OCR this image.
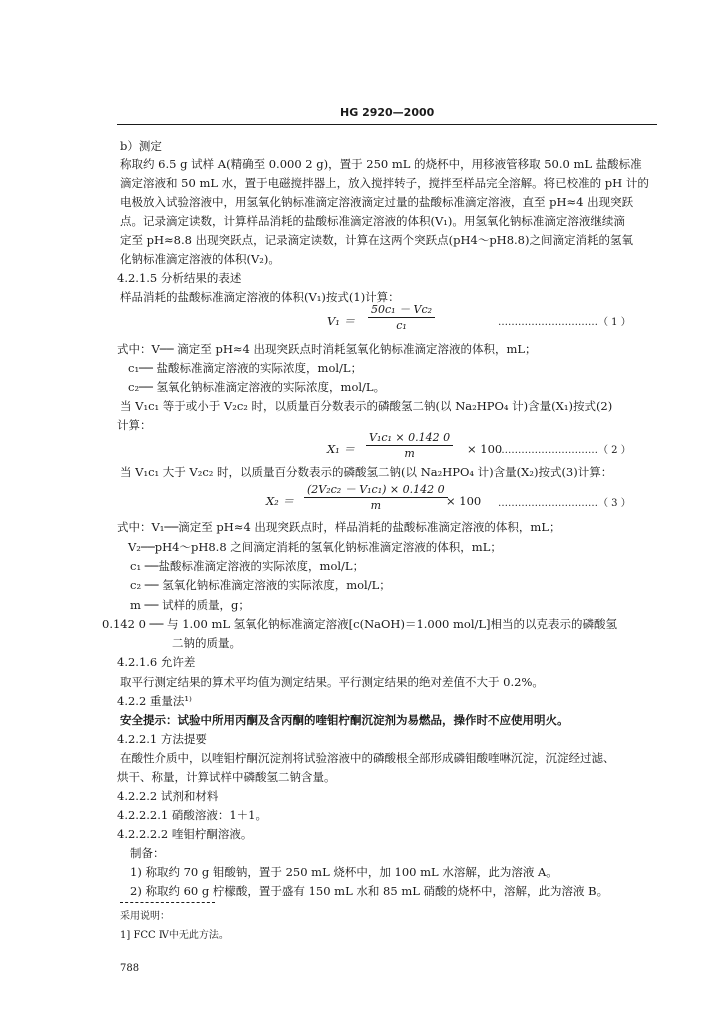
HG 2920—2000
b）测定
称取约 6.5 g 试样 A(精确至 0.000 2 g)，置于 250 mL 的烧杯中，用移液管移取 50.0 mL 盐酸标准
滴定溶液和 50 mL 水，置于电磁搅拌器上，放入搅拌转子，搅拌至样品完全溶解。将已校准的 pH 计的
电极放入试验溶液中，用氢氧化钠标准滴定溶液滴定过量的盐酸标准滴定溶液，直至 pH≈4 出现突跃
点。记录滴定读数，计算样品消耗的盐酸标准滴定溶液的体积(V₁)。用氢氧化钠标准滴定溶液继续滴
定至 pH≈8.8 出现突跃点，记录滴定读数，计算在这两个突跃点(pH4～pH8.8)之间滴定消耗的氢氧
化钠标准滴定溶液的体积(V₂)。
4.2.1.5 分析结果的表述
样品消耗的盐酸标准滴定溶液的体积(V₁)按式(1)计算：
式中：V── 滴定至 pH≈4 出现突跃点时消耗氢氧化钠标准滴定溶液的体积，mL；
c₁── 盐酸标准滴定溶液的实际浓度，mol/L；
c₂── 氢氧化钠标准滴定溶液的实际浓度，mol/L。
当 V₁c₁ 等于或小于 V₂c₂ 时，以质量百分数表示的磷酸氢二钠(以 Na₂HPO₄ 计)含量(X₁)按式(2)
计算：
当 V₁c₁ 大于 V₂c₂ 时，以质量百分数表示的磷酸氢二钠(以 Na₂HPO₄ 计)含量(X₂)按式(3)计算：
式中：V₁──滴定至 pH≈4 出现突跃点时，样品消耗的盐酸标准滴定溶液的体积，mL；
V₂──pH4～pH8.8 之间滴定消耗的氢氧化钠标准滴定溶液的体积，mL；
c₁ ──盐酸标准滴定溶液的实际浓度，mol/L；
c₂ ── 氢氧化钠标准滴定溶液的实际浓度，mol/L；
m ── 试样的质量，g；
0.142 0 ── 与 1.00 mL 氢氧化钠标准滴定溶液[c(NaOH)＝1.000 mol/L]相当的以克表示的磷酸氢
二钠的质量。
4.2.1.6 允许差
取平行测定结果的算术平均值为测定结果。平行测定结果的绝对差值不大于 0.2%。
4.2.2 重量法¹⁾
安全提示：试验中所用丙酮及含丙酮的喹钼柠酮沉淀剂为易燃品，操作时不应使用明火。
4.2.2.1 方法提要
在酸性介质中，以喹钼柠酮沉淀剂将试验溶液中的磷酸根全部形成磷钼酸喹啉沉淀，沉淀经过滤、
烘干、称量，计算试样中磷酸氢二钠含量。
4.2.2.2 试剂和材料
4.2.2.2.1 硝酸溶液：1＋1。
4.2.2.2.2 喹钼柠酮溶液。
制备：
1) 称取约 70 g 钼酸钠，置于 250 mL 烧杯中，加 100 mL 水溶解，此为溶液 A。
2) 称取约 60 g 柠檬酸，置于盛有 150 mL 水和 85 mL 硝酸的烧杯中，溶解，此为溶液 B。
$V_1 = \frac{\text{50c₁ － Vc₂}}{\text{c₁}}$	…………………………（ 1 ）
$X_1 = \frac{\text{V₁c₁ × 0.142 0}}{m} \times 100$
…………………………（ 2 ）
$X_2 = \frac{\text{(2V₂c₂ － V₁c₁) × 0.142 0}}{m}$
× 100 …………………………（ 3 ）
采用说明：
1] FCC Ⅳ中无此方法。
788
